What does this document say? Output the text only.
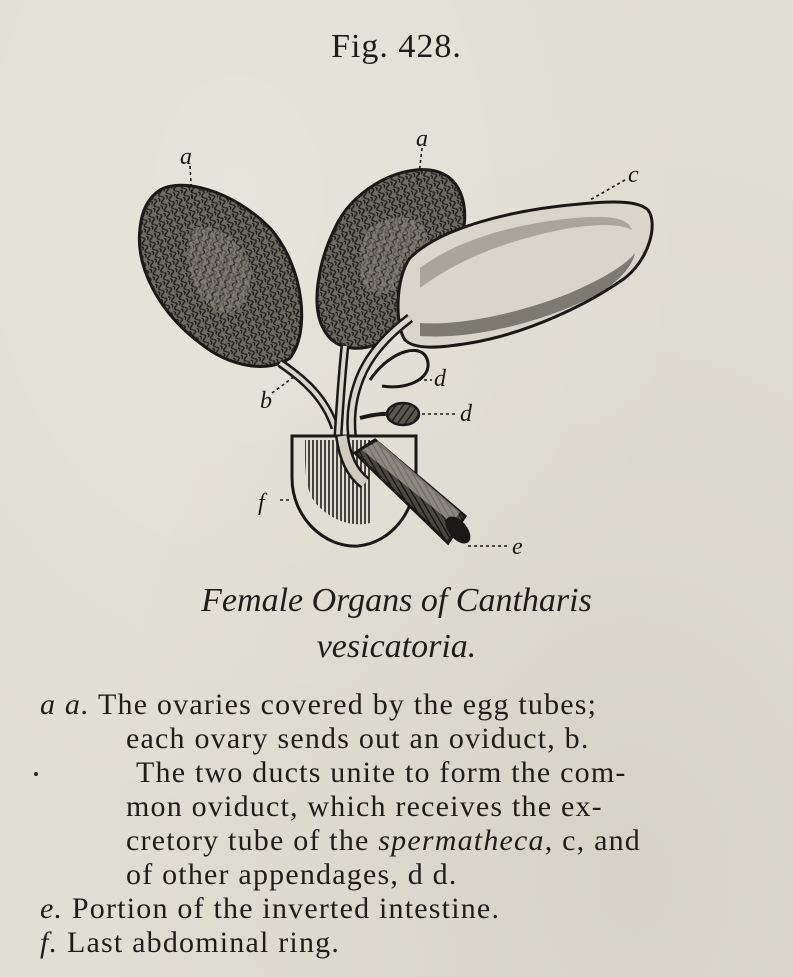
Fig. 428.
a
a
c
b
d
d
f
e
Female Organs of Cantharis
vesicatoria.
a a. The ovaries covered by the egg tubes;
each ovary sends out an oviduct, b.
The two ducts unite to form the com-
mon oviduct, which receives the ex-
cretory tube of the spermatheca, c, and
of other appendages, d d.
e. Portion of the inverted intestine.
f. Last abdominal ring.
